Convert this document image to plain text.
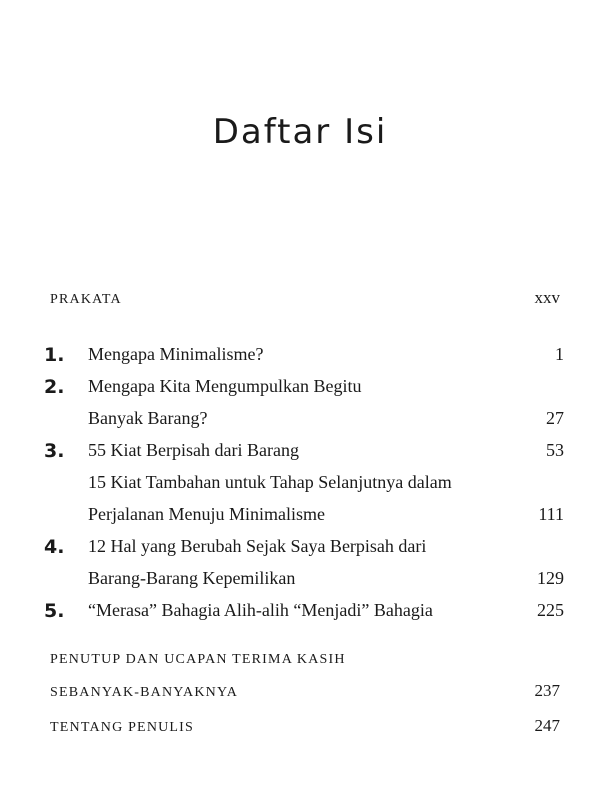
Daftar Isi
PRAKATA	xxv
1. Mengapa Minimalisme?	1
2. Mengapa Kita Mengumpulkan Begitu
Banyak Barang?	27
3. 55 Kiat Berpisah dari Barang	53
15 Kiat Tambahan untuk Tahap Selanjutnya dalam
Perjalanan Menuju Minimalisme	111
4. 12 Hal yang Berubah Sejak Saya Berpisah dari
Barang-Barang Kepemilikan	129
5. “Merasa” Bahagia Alih-alih “Menjadi” Bahagia	225
PENUTUP DAN UCAPAN TERIMA KASIH
SEBANYAK-BANYAKNYA	237
TENTANG PENULIS	247
